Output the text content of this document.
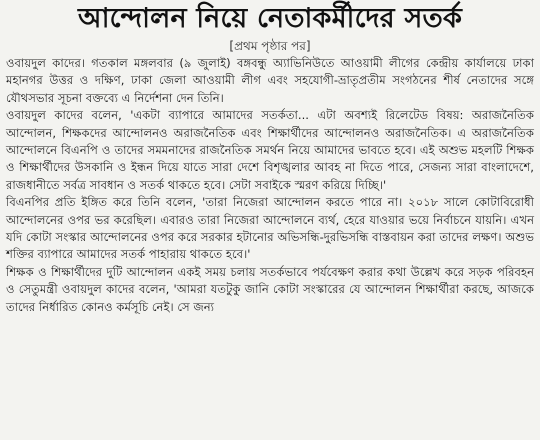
আন্দোলন নিয়ে নেতাকর্মীদের সতর্ক
[প্রথম পৃষ্ঠার পর]

ওবায়দুল কাদের। গতকাল মঙ্গলবার (৯ জুলাই) বঙ্গবন্ধু অ্যাভিনিউতে আওয়ামী লীগের কেন্দ্রীয় কার্যালয়ে ঢাকা মহানগর উত্তর ও দক্ষিণ, ঢাকা জেলা আওয়ামী লীগ এবং সহযোগী-ভ্রাতৃপ্রতীম সংগঠনের শীর্ষ নেতাদের সঙ্গে যৌথসভার সূচনা বক্তব্যে এ নির্দেশনা দেন তিনি।

ওবায়দুল কাদের বলেন, 'একটা ব্যাপারে আমাদের সতর্কতা... এটা অবশ্যই রিলেটেড বিষয়: অরাজনৈতিক আন্দোলন, শিক্ষকদের আন্দোলনও অরাজনৈতিক এবং শিক্ষার্থীদের আন্দোলনও অরাজনৈতিক। এ অরাজনৈতিক আন্দোলনে বিএনপি ও তাদের সমমনাদের রাজনৈতিক সমর্থন নিয়ে আমাদের ভাবতে হবে। এই অশুভ মহলটি শিক্ষক ও শিক্ষার্থীদের উসকানি ও ইন্ধন দিয়ে যাতে সারা দেশে বিশৃঙ্খলার আবহ না দিতে পারে, সেজন্য সারা বাংলাদেশে, রাজধানীতে সর্বত্র সাবধান ও সতর্ক থাকতে হবে। সেটা সবাইকে স্মরণ করিয়ে দিচ্ছি।'

বিএনপির প্রতি ইঙ্গিত করে তিনি বলেন, 'তারা নিজেরা আন্দোলন করতে পারে না। ২০১৮ সালে কোটাবিরোধী আন্দোলনের ওপর ভর করেছিল। এবারও তারা নিজেরা আন্দোলনে ব্যর্থ, হেরে যাওয়ার ভয়ে নির্বাচনে যায়নি। এখন যদি কোটা সংস্কার আন্দোলনের ওপর করে সরকার হটানোর অভিসন্ধি-দুরভিসন্ধি বাস্তবায়ন করা তাদের লক্ষণ। অশুভ শক্তির ব্যাপারে আমাদের সতর্ক পাহারায় থাকতে হবে।'

শিক্ষক ও শিক্ষার্থীদের দুটি আন্দোলন একই সময় চলায় সতর্কভাবে পর্যবেক্ষণ করার কথা উল্লেখ করে সড়ক পরিবহন ও সেতুমন্ত্রী ওবায়দুল কাদের বলেন, 'আমরা যতটুকু জানি কোটা সংস্কারের যে আন্দোলন শিক্ষার্থীরা করছে, আজকে তাদের নির্ধারিত কোনও কর্মসূচি নেই। সে জন্য
